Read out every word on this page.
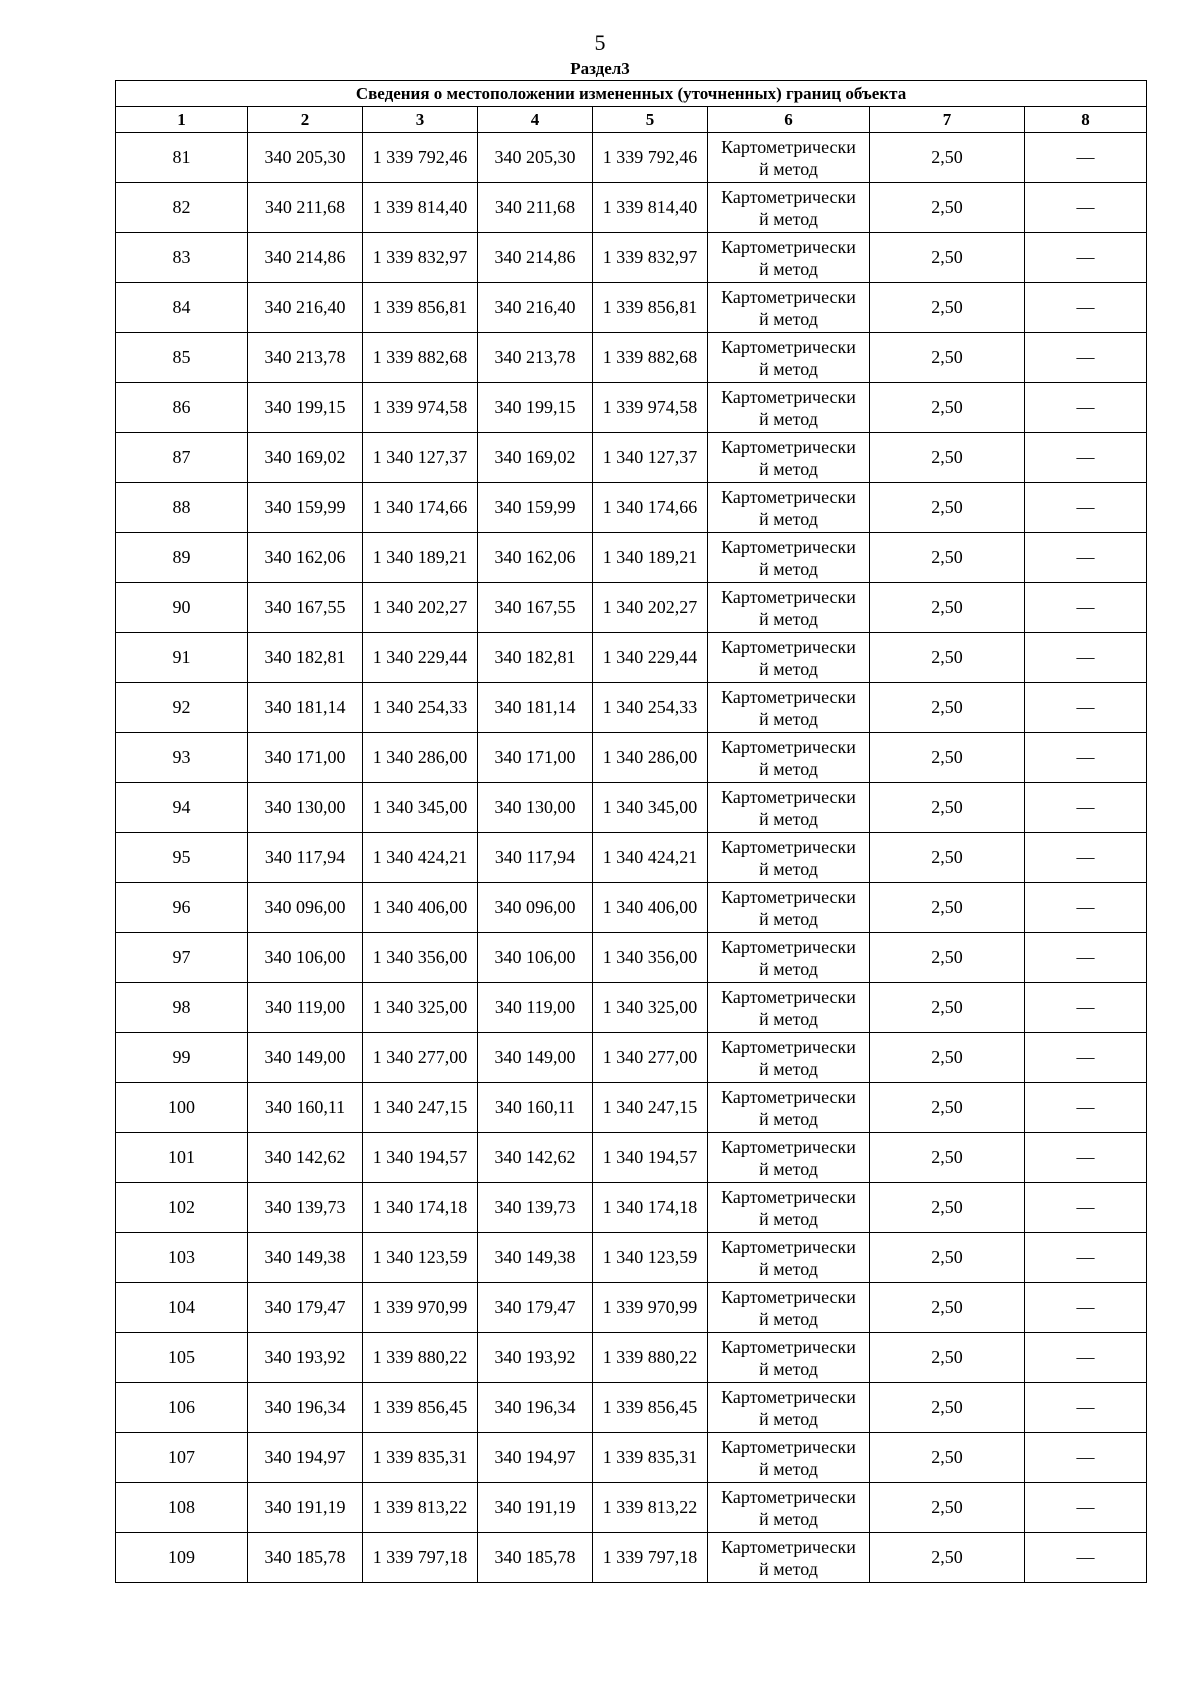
5
Раздел3
Сведения о местоположении измененных (уточненных) границ объекта							
1	2	3	4	5	6	7	8
81	340 205,30	1 339 792,46	340 205,30	1 339 792,46	Картометрически
й метод	2,50	—
82	340 211,68	1 339 814,40	340 211,68	1 339 814,40	Картометрически
й метод	2,50	—
83	340 214,86	1 339 832,97	340 214,86	1 339 832,97	Картометрически
й метод	2,50	—
84	340 216,40	1 339 856,81	340 216,40	1 339 856,81	Картометрически
й метод	2,50	—
85	340 213,78	1 339 882,68	340 213,78	1 339 882,68	Картометрически
й метод	2,50	—
86	340 199,15	1 339 974,58	340 199,15	1 339 974,58	Картометрически
й метод	2,50	—
87	340 169,02	1 340 127,37	340 169,02	1 340 127,37	Картометрически
й метод	2,50	—
88	340 159,99	1 340 174,66	340 159,99	1 340 174,66	Картометрически
й метод	2,50	—
89	340 162,06	1 340 189,21	340 162,06	1 340 189,21	Картометрически
й метод	2,50	—
90	340 167,55	1 340 202,27	340 167,55	1 340 202,27	Картометрически
й метод	2,50	—
91	340 182,81	1 340 229,44	340 182,81	1 340 229,44	Картометрически
й метод	2,50	—
92	340 181,14	1 340 254,33	340 181,14	1 340 254,33	Картометрически
й метод	2,50	—
93	340 171,00	1 340 286,00	340 171,00	1 340 286,00	Картометрически
й метод	2,50	—
94	340 130,00	1 340 345,00	340 130,00	1 340 345,00	Картометрически
й метод	2,50	—
95	340 117,94	1 340 424,21	340 117,94	1 340 424,21	Картометрически
й метод	2,50	—
96	340 096,00	1 340 406,00	340 096,00	1 340 406,00	Картометрически
й метод	2,50	—
97	340 106,00	1 340 356,00	340 106,00	1 340 356,00	Картометрически
й метод	2,50	—
98	340 119,00	1 340 325,00	340 119,00	1 340 325,00	Картометрически
й метод	2,50	—
99	340 149,00	1 340 277,00	340 149,00	1 340 277,00	Картометрически
й метод	2,50	—
100	340 160,11	1 340 247,15	340 160,11	1 340 247,15	Картометрически
й метод	2,50	—
101	340 142,62	1 340 194,57	340 142,62	1 340 194,57	Картометрически
й метод	2,50	—
102	340 139,73	1 340 174,18	340 139,73	1 340 174,18	Картометрически
й метод	2,50	—
103	340 149,38	1 340 123,59	340 149,38	1 340 123,59	Картометрически
й метод	2,50	—
104	340 179,47	1 339 970,99	340 179,47	1 339 970,99	Картометрически
й метод	2,50	—
105	340 193,92	1 339 880,22	340 193,92	1 339 880,22	Картометрически
й метод	2,50	—
106	340 196,34	1 339 856,45	340 196,34	1 339 856,45	Картометрически
й метод	2,50	—
107	340 194,97	1 339 835,31	340 194,97	1 339 835,31	Картометрически
й метод	2,50	—
108	340 191,19	1 339 813,22	340 191,19	1 339 813,22	Картометрически
й метод	2,50	—
109	340 185,78	1 339 797,18	340 185,78	1 339 797,18	Картометрически
й метод	2,50	—
